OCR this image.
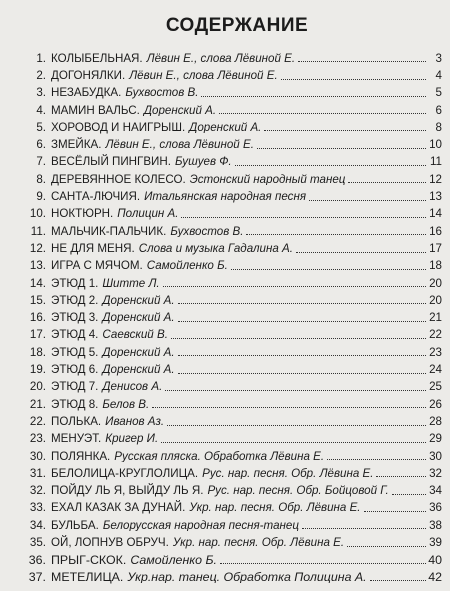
СОДЕРЖАНИЕ
1. КОЛЫБЕЛЬНАЯ. Лёвин Е., слова Лёвиной Е.	3
2. ДОГОНЯЛКИ. Лёвин Е., слова Лёвиной Е.	4
3. НЕЗАБУДКА. Бухвостов В.	5
4. МАМИН ВАЛЬС. Доренский А.	6
5. ХОРОВОД И НАИГРЫШ. Доренский А.	8
6. ЗМЕЙКА. Лёвин Е., слова Лёвиной Е.	10
7. ВЕСЁЛЫЙ ПИНГВИН. Бушуев Ф.	11
8. ДЕРЕВЯННОЕ КОЛЕСО. Эстонский народный танец	12
9. САНТА-ЛЮЧИЯ. Итальянская народная песня	13
10. НОКТЮРН. Полицин А.	14
11. МАЛЬЧИК-ПАЛЬЧИК. Бухвостов В.	16
12. НЕ ДЛЯ МЕНЯ. Слова и музыка Гадалина А.	17
13. ИГРА С МЯЧОМ. Самойленко Б.	18
14. ЭТЮД 1. Шитте Л.	20
15. ЭТЮД 2. Доренский А.	20
16. ЭТЮД 3. Доренский А.	21
17. ЭТЮД 4. Саевский В.	22
18. ЭТЮД 5. Доренский А.	23
19. ЭТЮД 6. Доренский А.	24
20. ЭТЮД 7. Денисов А.	25
21. ЭТЮД 8. Белов В.	26
22. ПОЛЬКА. Иванов Аз.	28
23. МЕНУЭТ. Кригер И.	29
30. ПОЛЯНКА. Русская пляска. Обработка Лёвина Е.	30
31. БЕЛОЛИЦА-КРУГЛОЛИЦА. Рус. нар. песня. Обр. Лёвина Е.	32
32. ПОЙДУ ЛЬ Я, ВЫЙДУ ЛЬ Я. Рус. нар. песня. Обр. Бойцовой Г.	34
33. ЕХАЛ КАЗАК ЗА ДУНАЙ. Укр. нар. песня. Обр. Лёвина Е.	36
34. БУЛЬБА. Белорусская народная песня-танец	38
35. ОЙ, ЛОПНУВ ОБРУЧ. Укр. нар. песня. Обр. Лёвина Е.	39
36. ПРЫГ-СКОК. Самойленко Б.	40
37. МЕТЕЛИЦА. Укр.нар. танец. Обработка Полицина А.	42
